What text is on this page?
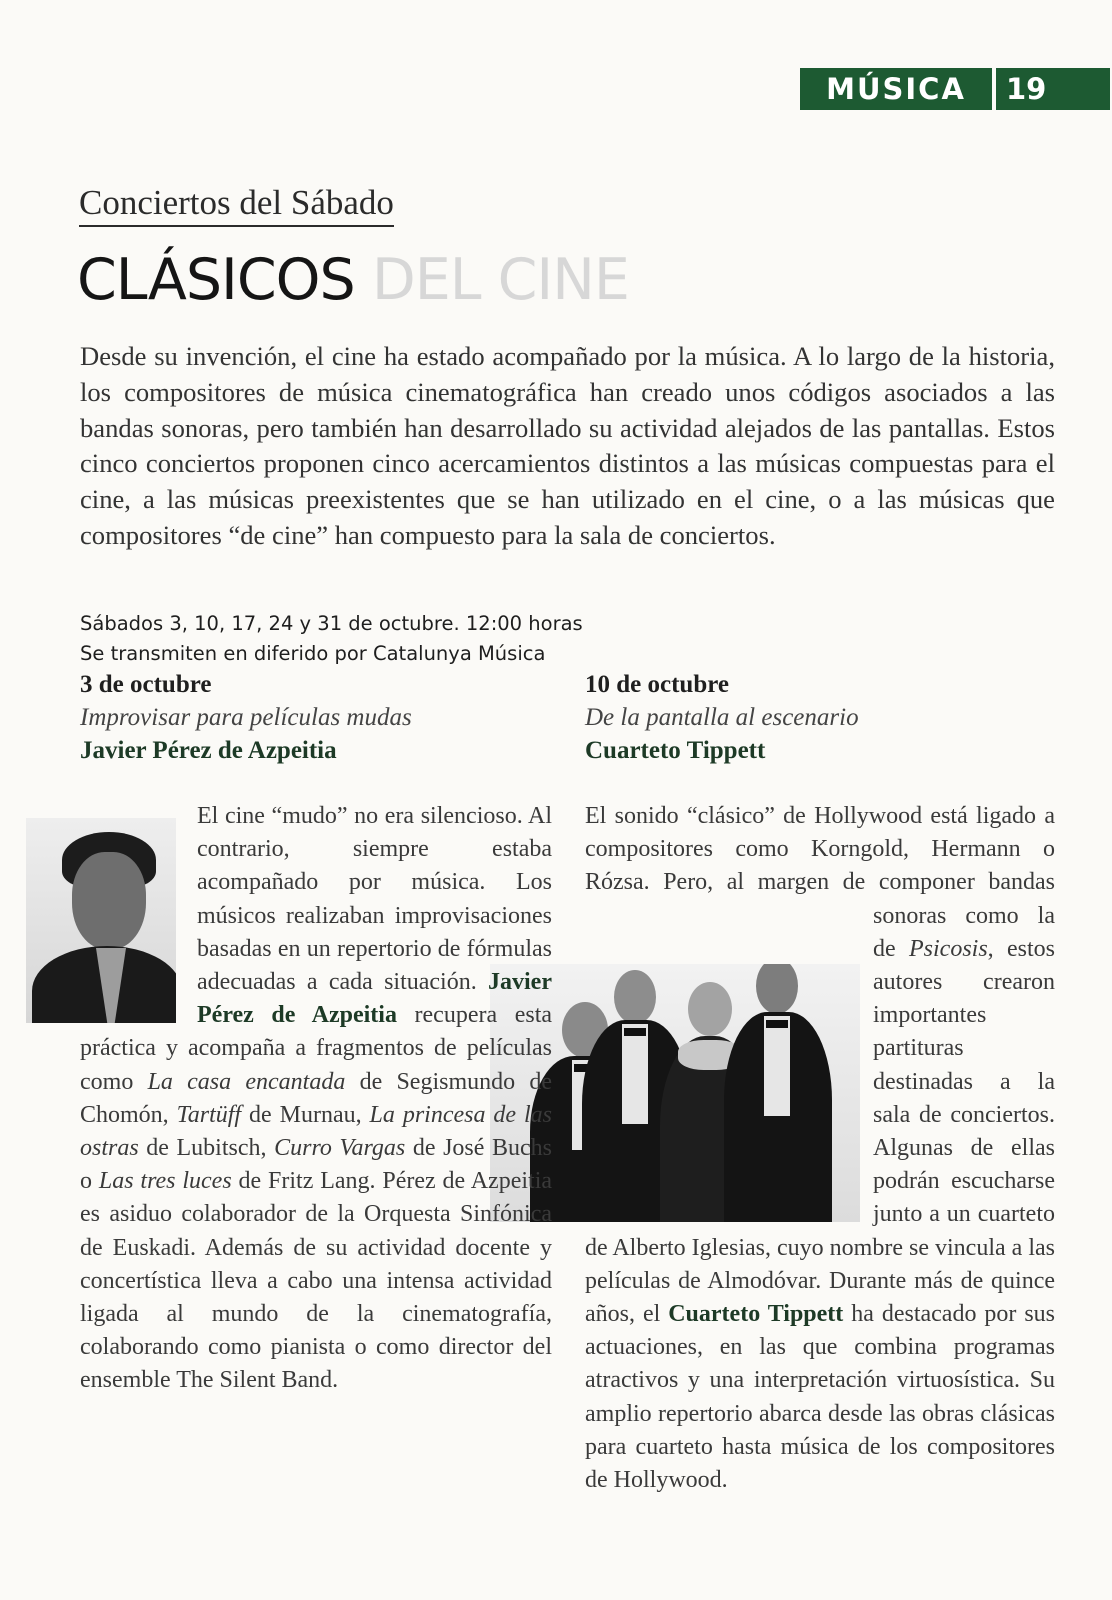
MÚSICA	19
Conciertos del Sábado
CLÁSICOS DEL CINE
Desde su invención, el cine ha estado acompañado por la música. A lo largo de la historia, los compositores de música cinematográfica han creado unos códigos asociados a las bandas sonoras, pero también han desarrollado su actividad alejados de las pantallas. Estos cinco conciertos proponen cinco acercamientos distintos a las músicas compuestas para el cine, a las músicas preexistentes que se han utilizado en el cine, o a las músicas que compositores “de cine” han compuesto para la sala de conciertos.
Sábados 3, 10, 17, 24 y 31 de octubre. 12:00 horas
Se transmiten en diferido por Catalunya Música
3 de octubre
Improvisar para películas mudas
Javier Pérez de Azpeitia
10 de octubre
De la pantalla al escenario
Cuarteto Tippett
El cine “mudo” no era silencioso. Al contrario, siempre estaba acompañado por música. Los músicos realizaban improvisaciones basadas en un repertorio de fórmulas adecuadas a cada situación. Javier Pérez de Azpeitia recupera esta práctica y acompaña a fragmentos de películas como La casa encantada de Segismundo de Chomón, Tartüff de Murnau, La princesa de las ostras de Lubitsch, Curro Vargas de José Buchs o Las tres luces de Fritz Lang. Pérez de Azpeitia es asiduo colaborador de la Orquesta Sinfónica de Euskadi. Además de su actividad docente y concertística lleva a cabo una intensa actividad ligada al mundo de la cinematografía, colaborando como pianista o como director del ensemble The Silent Band.
El sonido “clásico” de Hollywood está ligado a compositores como Korngold, Hermann o Rózsa. Pero, al margen de componer bandas sonoras como la de Psicosis, estos autores crearon importantes partituras destinadas a la sala de conciertos. Algunas de ellas podrán escucharse junto a un cuarteto de Alberto Iglesias, cuyo nombre se vincula a las películas de Almodóvar. Durante más de quince años, el Cuarteto Tippett ha destacado por sus actuaciones, en las que combina programas atractivos y una interpretación virtuosística. Su amplio repertorio abarca desde las obras clásicas para cuarteto hasta música de los compositores de Hollywood.
